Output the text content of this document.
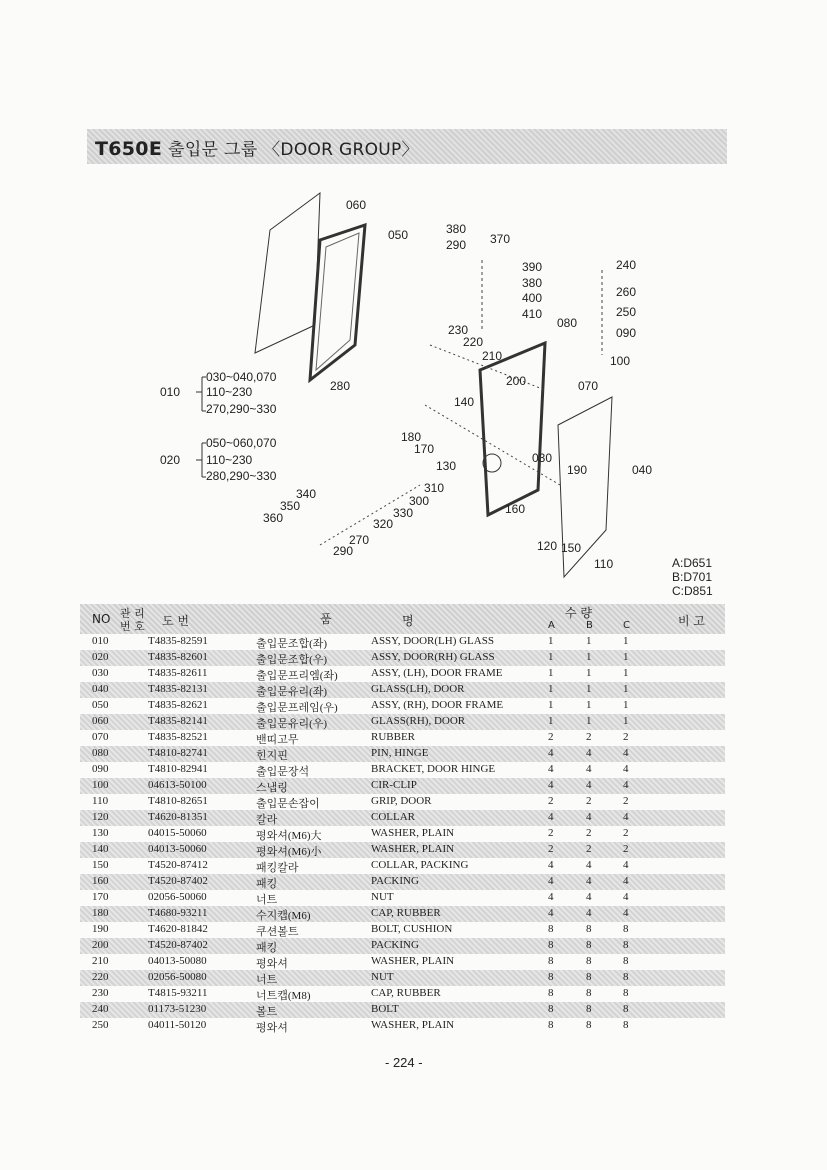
T650E 출입문 그룹 〈DOOR GROUP〉
060
050	380
370
290
240
390
380
400	260
250
410
080
090
230
220
210	100
200	070
280
140
180
170
130
030
040
190
340	310
300
350	330	160
360	320
270
290	120 150
110
010
030~040,070
110~230
270,290~330
020
050~060,070
110~230
280,290~330
A:D651
B:D701
C:D851
NO 관 리
번 호 도 번	품	명
수 량
A	B	C	비 고
010	T4835-82591	출입문조합(좌)	ASSY, DOOR(LH) GLASS	1	1	1
020	T4835-82601	출입문조합(우)	ASSY, DOOR(RH) GLASS	1	1	1
030	T4835-82611	출입문프리엠(좌)	ASSY, (LH), DOOR FRAME	1	1	1
040	T4835-82131	출입문유리(좌)	GLASS(LH), DOOR	1	1	1
050	T4835-82621	출입문프레임(우)	ASSY, (RH), DOOR FRAME	1	1	1
060	T4835-82141	출입문유리(우)	GLASS(RH), DOOR	1	1	1
070	T4835-82521	밴띠고무	RUBBER	2	2	2
080	T4810-82741	힌지핀	PIN, HINGE	4	4	4
090	T4810-82941	출입문장석	BRACKET, DOOR HINGE	4	4	4
100	04613-50100	스냅링	CIR-CLIP	4	4	4
110	T4810-82651	출입문손잡이	GRIP, DOOR	2	2	2
120	T4620-81351	칼라	COLLAR	4	4	4
130	04015-50060	평와셔(M6)大	WASHER, PLAIN	2	2	2
140	04013-50060	평와셔(M6)小	WASHER, PLAIN	2	2	2
150	T4520-87412	패킹칼라	COLLAR, PACKING	4	4	4
160	T4520-87402	패킹	PACKING	4	4	4
170	02056-50060	너트	NUT	4	4	4
180	T4680-93211	수지캡(M6)	CAP, RUBBER	4	4	4
190	T4620-81842	쿠션볼트	BOLT, CUSHION	8	8	8
200	T4520-87402	패킹	PACKING	8	8	8
210	04013-50080	평와셔	WASHER, PLAIN	8	8	8
220	02056-50080	너트	NUT	8	8	8
230	T4815-93211	너트캡(M8)	CAP, RUBBER	8	8	8
240	01173-51230	볼트	BOLT	8	8	8
250	04011-50120	평와셔	WASHER, PLAIN	8	8	8
- 224 -
